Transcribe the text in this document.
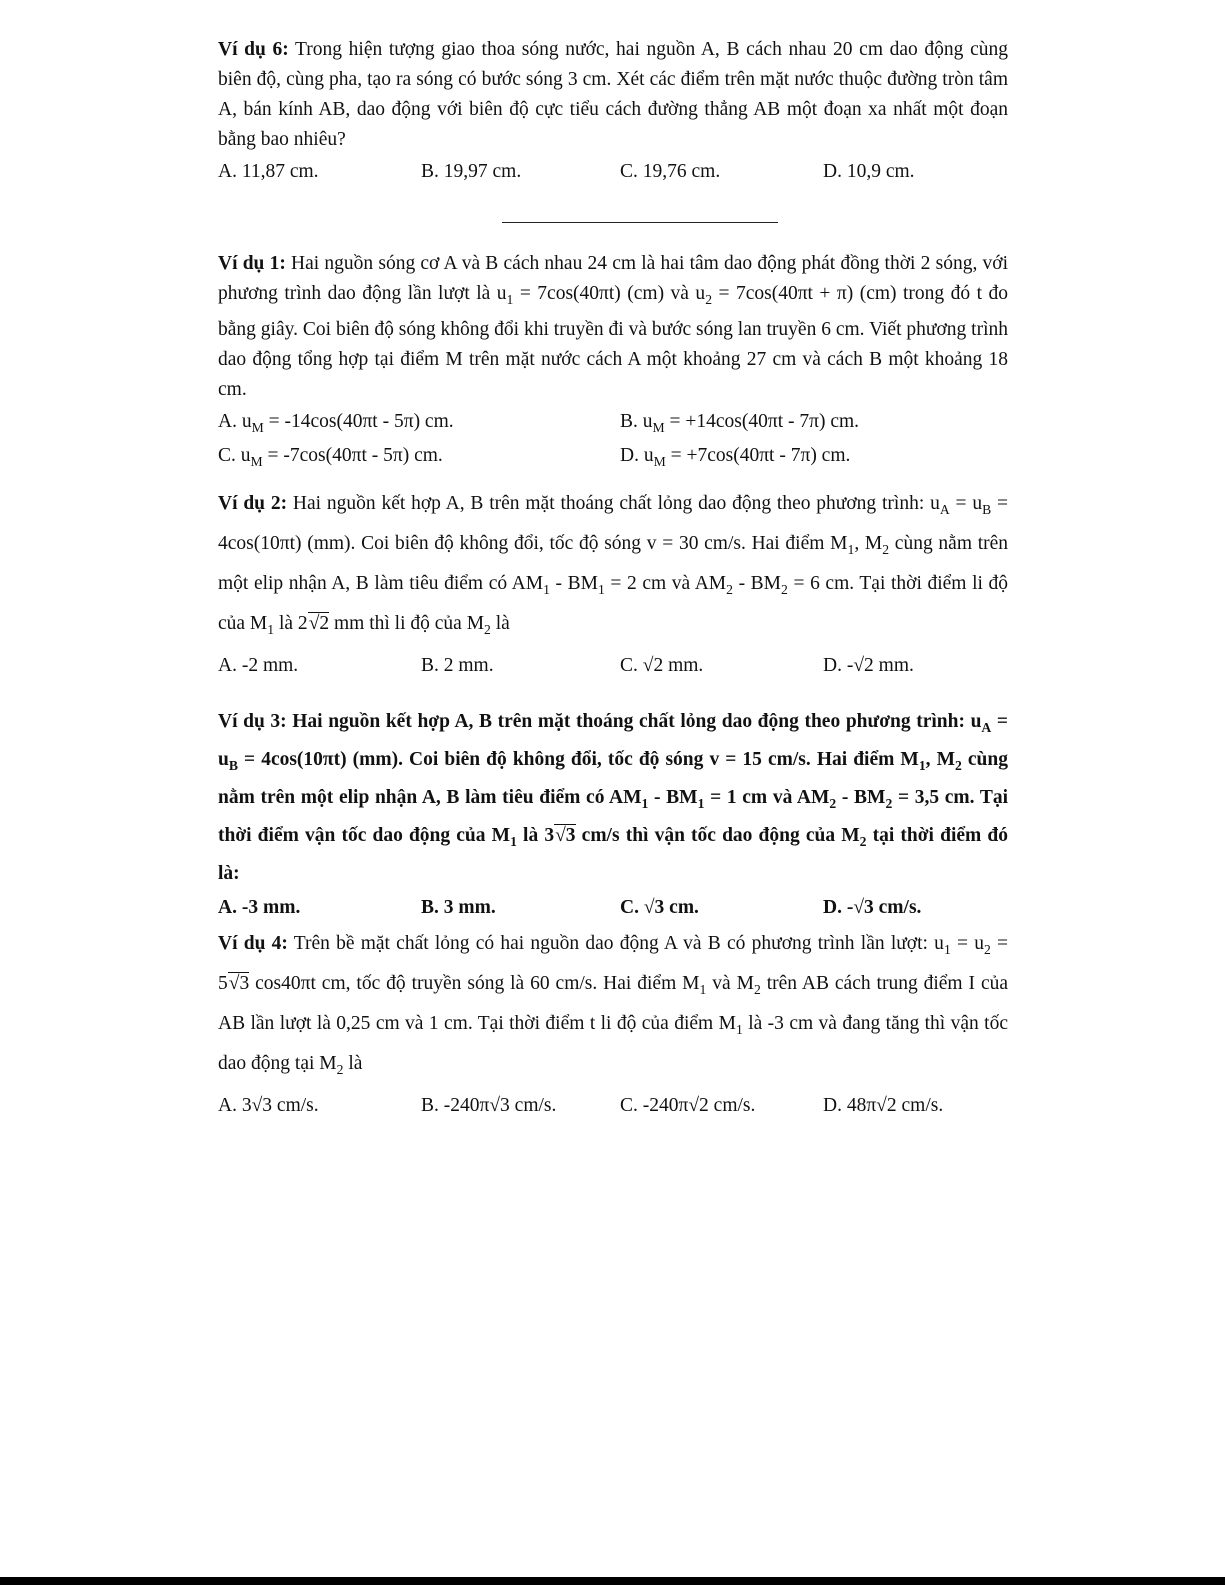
Ví dụ 6: Trong hiện tượng giao thoa sóng nước, hai nguồn A, B cách nhau 20 cm dao động cùng biên độ, cùng pha, tạo ra sóng có bước sóng 3 cm. Xét các điểm trên mặt nước thuộc đường tròn tâm A, bán kính AB, dao động với biên độ cực tiểu cách đường thẳng AB một đoạn xa nhất một đoạn bằng bao nhiêu?

A. 11,87 cm.	B. 19,97 cm.	C. 19,76 cm.	D. 10,9 cm.

Ví dụ 1: Hai nguồn sóng cơ A và B cách nhau 24 cm là hai tâm dao động phát đồng thời 2 sóng, với phương trình dao động lần lượt là $u_1 = 7\cos(40\pi t)$ (cm) và $u_2 = 7\cos(40\pi t + \pi)$ (cm) trong đó t đo bằng giây. Coi biên độ sóng không đổi khi truyền đi và bước sóng lan truyền 6 cm. Viết phương trình dao động tổng hợp tại điểm M trên mặt nước cách A một khoảng 27 cm và cách B một khoảng 18 cm.

A. $u_M = -14\cos(40\pi t - 5\pi)$ cm.	B. $u_M = +14\cos(40\pi t - 7\pi)$ cm.
C. $u_M = -7\cos(40\pi t - 5\pi)$ cm.	D. $u_M = +7\cos(40\pi t - 7\pi)$ cm.

Ví dụ 2: Hai nguồn kết hợp A, B trên mặt thoáng chất lỏng dao động theo phương trình: $u_A = u_B = 4\cos(10\pi t)$ (mm). Coi biên độ không đổi, tốc độ sóng v = 30 cm/s. Hai điểm $M_1$, $M_2$ cùng nằm trên một elip nhận A, B làm tiêu điểm có $AM_1 - BM_1 = 2$ cm và $AM_2 - BM_2 = 6$ cm. Tại thời điểm li độ của $M_1$ là 2√2 mm thì li độ của $M_2$ là

A. -2 mm.	B. 2 mm.	C. √2 mm.	D. -√2 mm.

Ví dụ 3: Hai nguồn kết hợp A, B trên mặt thoáng chất lỏng dao động theo phương trình: $u_A = u_B = 4\cos(10\pi t)$ (mm). Coi biên độ không đổi, tốc độ sóng v = 15 cm/s. Hai điểm $M_1$, $M_2$ cùng nằm trên một elip nhận A, B làm tiêu điểm có $AM_1 - BM_1 = 1$ cm và $AM_2 - BM_2 = 3,5$ cm. Tại thời điểm vận tốc dao động của $M_1$ là 3√3 cm/s thì vận tốc dao động của $M_2$ tại thời điểm đó là:

A. -3 mm.	B. 3 mm.	C. √3 cm.	D. -√3 cm/s.

Ví dụ 4: Trên bề mặt chất lỏng có hai nguồn dao động A và B có phương trình lần lượt: $u_1 = u_2 = 5√3$ cos40πt cm, tốc độ truyền sóng là 60 cm/s. Hai điểm $M_1$ và $M_2$ trên AB cách trung điểm I của AB lần lượt là 0,25 cm và 1 cm. Tại thời điểm t li độ của điểm $M_1$ là -3 cm và đang tăng thì vận tốc dao động tại $M_2$ là

A. 3√3 cm/s.	B. -240π√3 cm/s.	C. -240π√2 cm/s.	D. 48π√2 cm/s.
